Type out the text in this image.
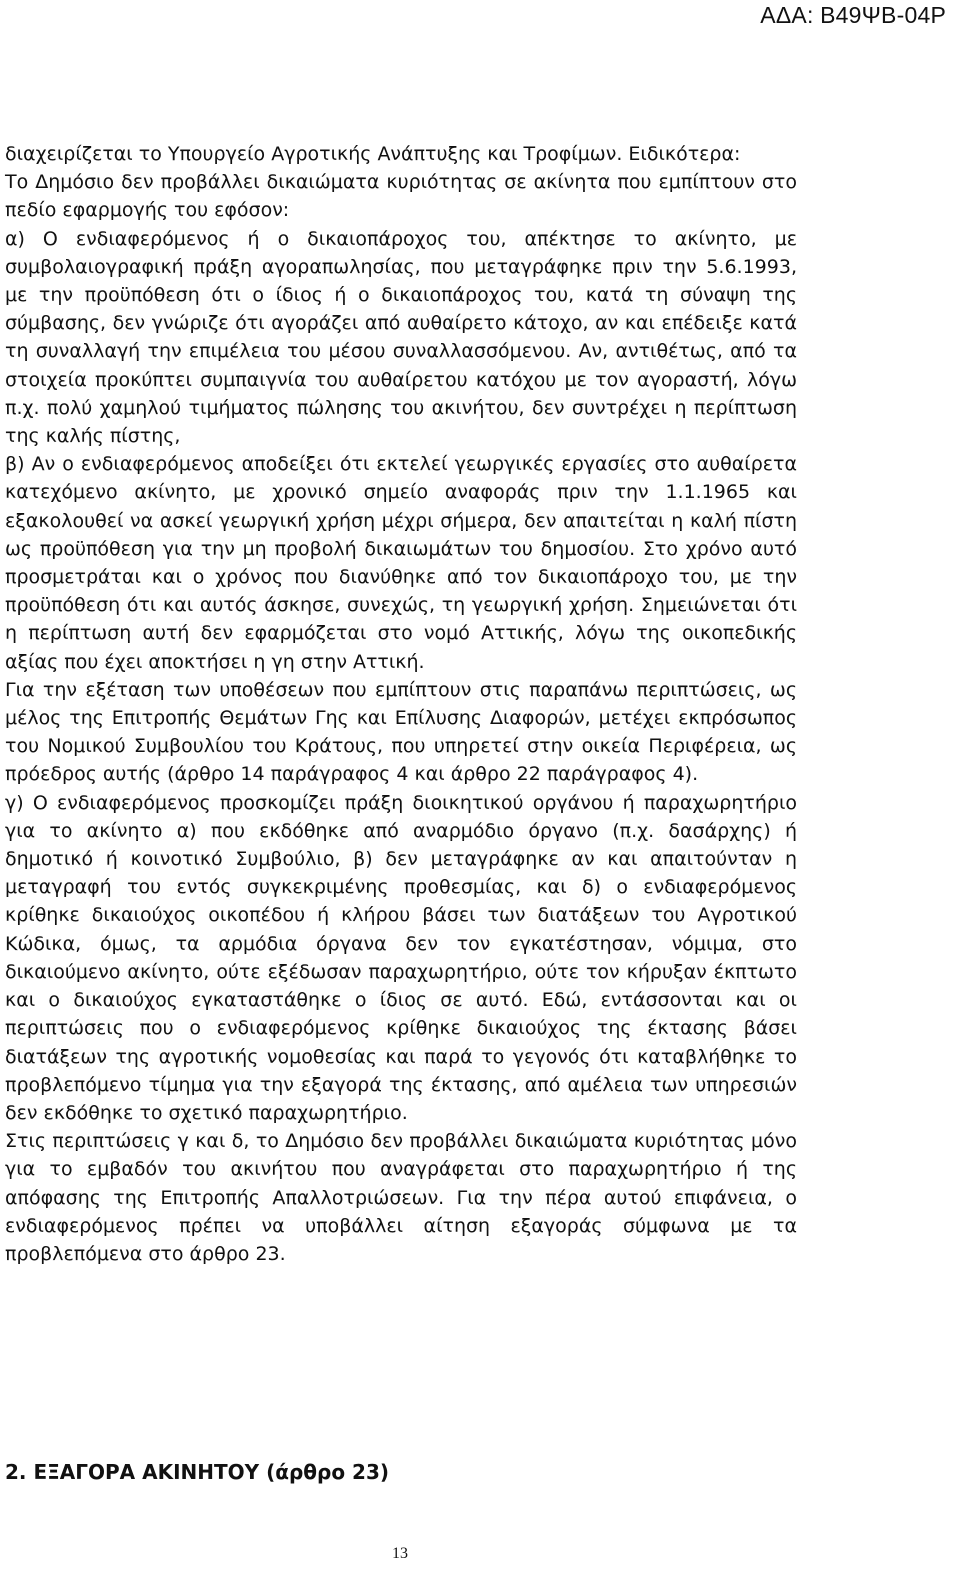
ΑΔΑ: Β49ΨΒ-04Ρ

διαχειρίζεται το Υπουργείο Αγροτικής Ανάπτυξης και Τροφίμων. Ειδικότερα:

Το Δημόσιο δεν προβάλλει δικαιώματα κυριότητας σε ακίνητα που εμπίπτουν στο πεδίο εφαρμογής του εφόσον:

α) Ο ενδιαφερόμενος ή ο δικαιοπάροχος του, απέκτησε το ακίνητο, με συμβολαιογραφική πράξη αγοραπωλησίας, που μεταγράφηκε πριν την 5.6.1993, με την προϋπόθεση ότι ο ίδιος ή ο δικαιοπάροχος του, κατά τη σύναψη της σύμβασης, δεν γνώριζε ότι αγοράζει από αυθαίρετο κάτοχο, αν και επέδειξε κατά τη συναλλαγή την επιμέλεια του μέσου συναλλασσόμενου. Αν, αντιθέτως, από τα στοιχεία προκύπτει συμπαιγνία του αυθαίρετου κατόχου με τον αγοραστή, λόγω π.χ. πολύ χαμηλού τιμήματος πώλησης του ακινήτου, δεν συντρέχει η περίπτωση της καλής πίστης,

β) Αν ο ενδιαφερόμενος αποδείξει ότι εκτελεί γεωργικές εργασίες στο αυθαίρετα κατεχόμενο ακίνητο, με χρονικό σημείο αναφοράς πριν την 1.1.1965 και εξακολουθεί να ασκεί γεωργική χρήση μέχρι σήμερα, δεν απαιτείται η καλή πίστη ως προϋπόθεση για την μη προβολή δικαιωμάτων του δημοσίου. Στο χρόνο αυτό προσμετράται και ο χρόνος που διανύθηκε από τον δικαιοπάροχο του, με την προϋπόθεση ότι και αυτός άσκησε, συνεχώς, τη γεωργική χρήση. Σημειώνεται ότι η περίπτωση αυτή δεν εφαρμόζεται στο νομό Αττικής, λόγω της οικοπεδικής αξίας που έχει αποκτήσει η γη στην Αττική.

Για την εξέταση των υποθέσεων που εμπίπτουν στις παραπάνω περιπτώσεις, ως μέλος της Επιτροπής Θεμάτων Γης και Επίλυσης Διαφορών, μετέχει εκπρόσωπος του Νομικού Συμβουλίου του Κράτους, που υπηρετεί στην οικεία Περιφέρεια, ως πρόεδρος αυτής (άρθρο 14 παράγραφος 4 και άρθρο 22 παράγραφος 4).

γ) Ο ενδιαφερόμενος προσκομίζει πράξη διοικητικού οργάνου ή παραχωρητήριο για το ακίνητο α) που εκδόθηκε από αναρμόδιο όργανο (π.χ. δασάρχης) ή δημοτικό ή κοινοτικό Συμβούλιο, β) δεν μεταγράφηκε αν και απαιτούνταν η μεταγραφή του εντός συγκεκριμένης προθεσμίας, και δ) ο ενδιαφερόμενος κρίθηκε δικαιούχος οικοπέδου ή κλήρου βάσει των διατάξεων του Αγροτικού Κώδικα, όμως, τα αρμόδια όργανα δεν τον εγκατέστησαν, νόμιμα, στο δικαιούμενο ακίνητο, ούτε εξέδωσαν παραχωρητήριο, ούτε τον κήρυξαν έκπτωτο και ο δικαιούχος εγκαταστάθηκε ο ίδιος σε αυτό. Εδώ, εντάσσονται και οι περιπτώσεις που ο ενδιαφερόμενος κρίθηκε δικαιούχος της έκτασης βάσει διατάξεων της αγροτικής νομοθεσίας και παρά το γεγονός ότι καταβλήθηκε το προβλεπόμενο τίμημα για την εξαγορά της έκτασης, από αμέλεια των υπηρεσιών δεν εκδόθηκε το σχετικό παραχωρητήριο.

Στις περιπτώσεις γ και δ, το Δημόσιο δεν προβάλλει δικαιώματα κυριότητας μόνο για το εμβαδόν του ακινήτου που αναγράφεται στο παραχωρητήριο ή της απόφασης της Επιτροπής Απαλλοτριώσεων. Για την πέρα αυτού επιφάνεια, ο ενδιαφερόμενος πρέπει να υποβάλλει αίτηση εξαγοράς σύμφωνα με τα προβλεπόμενα στο άρθρο 23.

2. ΕΞΑΓΟΡΑ ΑΚΙΝΗΤΟΥ (άρθρο 23)
13
